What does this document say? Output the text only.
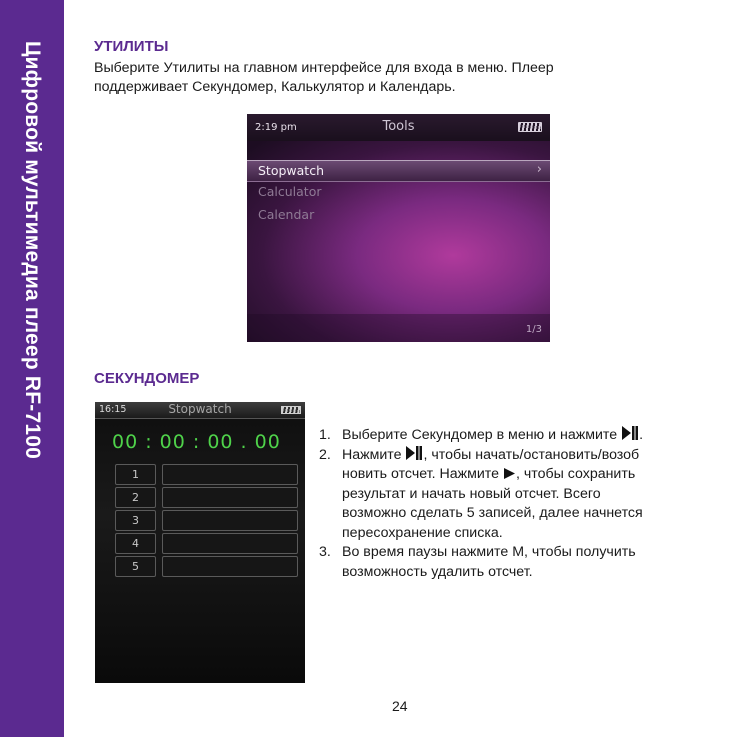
Цифровой мультимедиа плеер RF-7100	УТИЛИТЫ
Выберите Утилиты на главном интерфейсе для входа в меню. Плеер
поддерживает Секундомер, Калькулятор и Календарь.
2:19 pm	Tools
Stopwatch	›
Calculator
Calendar
1/3
СЕКУНДОМЕР
16:15	Stopwatch
00 : 00 : 00 . 00
1
2
3
4
5
1. Выберите Секундомер в меню и нажмите .
2. Нажмите , чтобы начать/остановить/возоб
новить отсчет. Нажмите , чтобы сохранить
результат и начать новый отсчет. Всего
возможно сделать 5 записей, далее начнется
пересохранение списка.
3. Во время паузы нажмите M, чтобы получить
возможность удалить отсчет.
24
